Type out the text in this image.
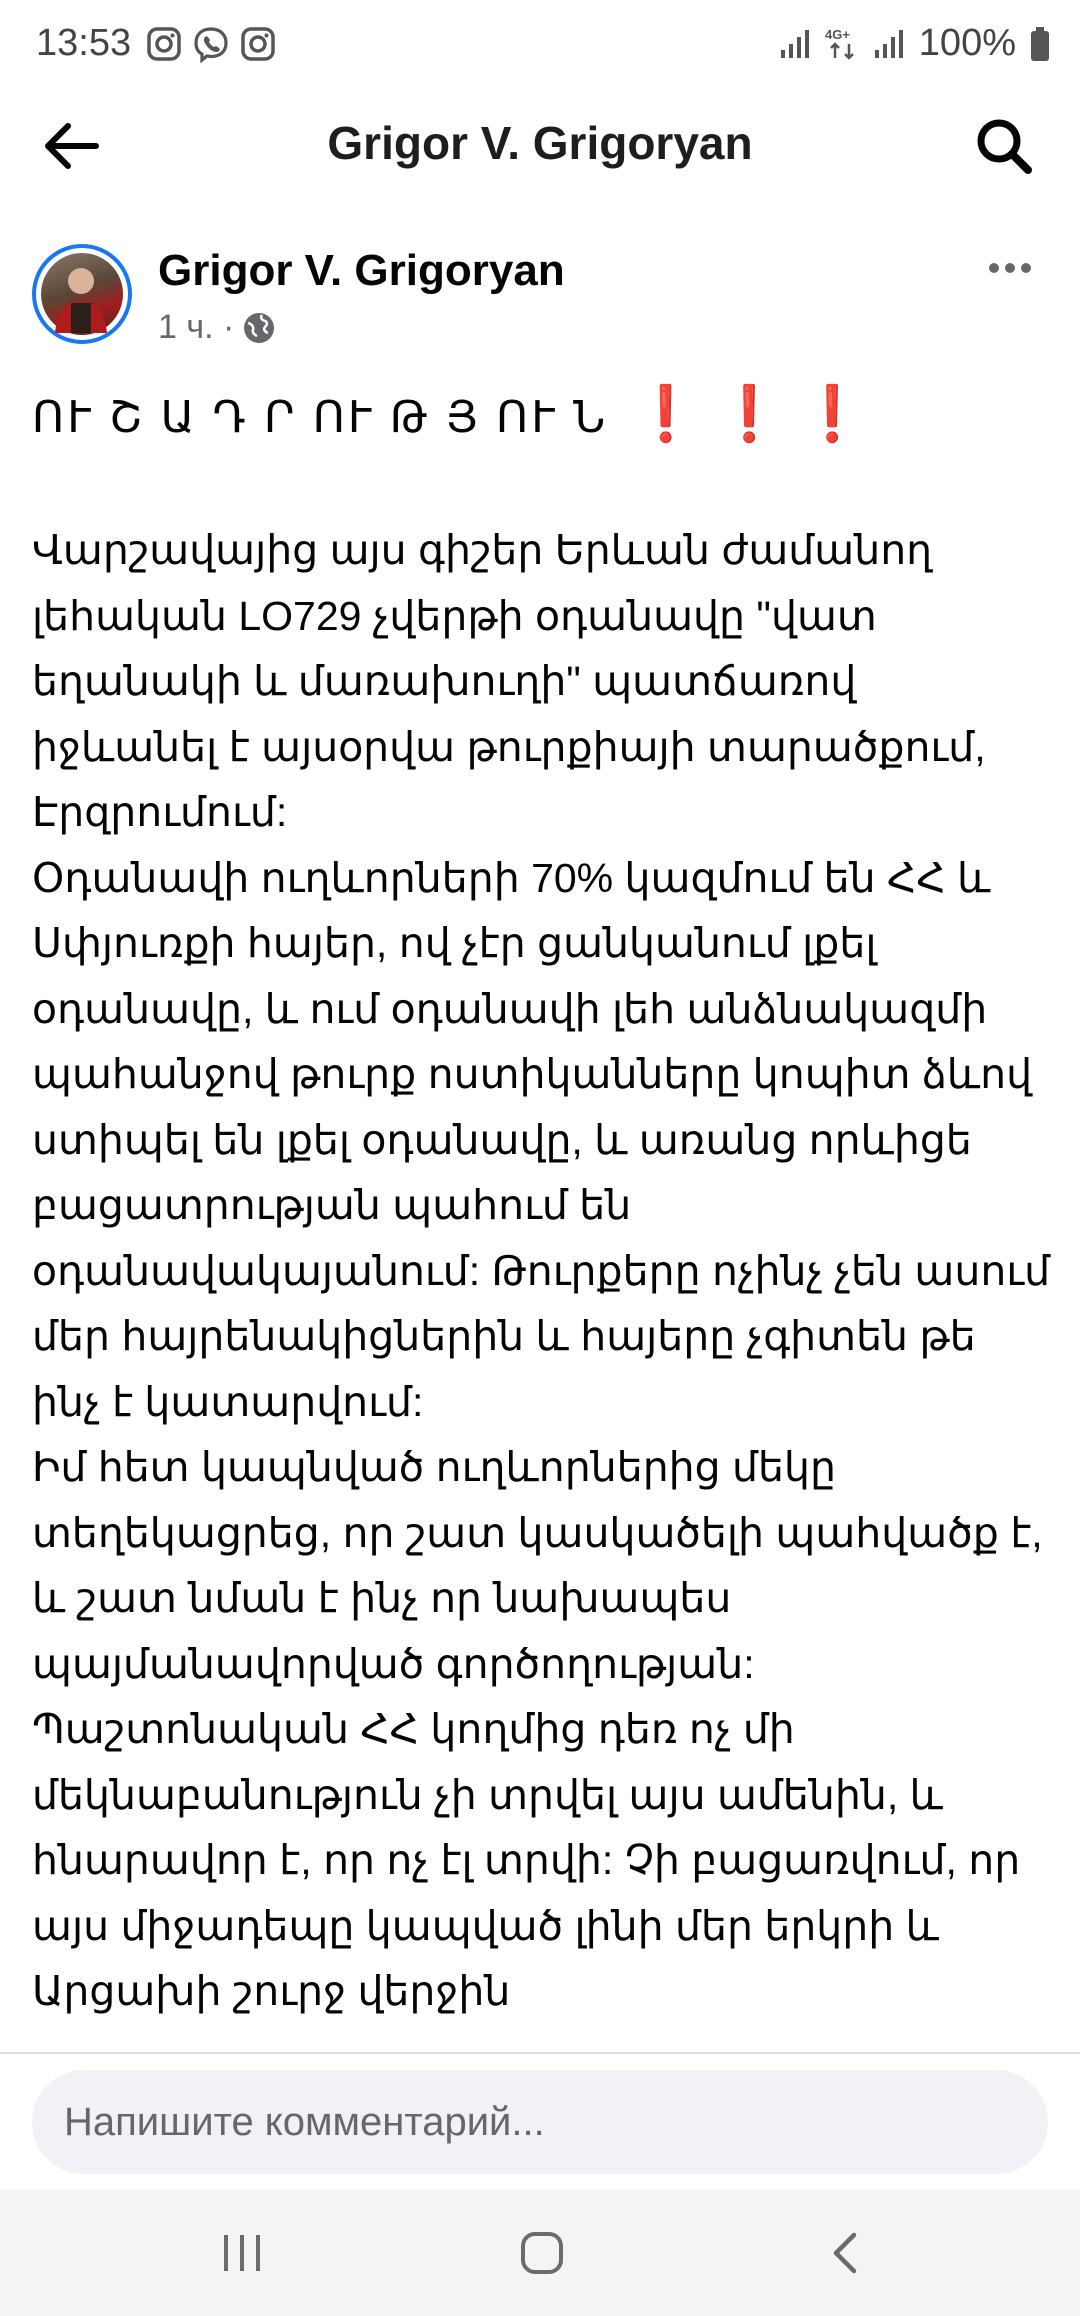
13:53	4G+ 100%
Grigor V. Grigoryan
Grigor V. Grigoryan
1 ч. ·
ՈՒ Շ Ա Դ Ր ՈՒ Թ Յ ՈՒ Ն ❗❗❗

Վարշավայից այս գիշեր Երևան ժամանող լեհական LO729 չվերթի օդանավը "վատ եղանակի և մառախուղի" պատճառով իջևանել է այսօրվա թուրքիայի տարածքում, Էրզրումում:
Օդանավի ուղևորների 70% կազմում են ՀՀ և Սփյուռքի հայեր, ով չէր ցանկանում լքել օդանավը, և ում օդանավի լեհ անձնակազմի պահանջով թուրք ոստիկանները կոպիտ ձևով ստիպել են լքել օդանավը, և առանց որևիցե բացատրության պահում են օդանավակայանում: Թուրքերը ոչինչ չեն ասում մեր հայրենակիցներին և հայերը չգիտեն թե ինչ է կատարվում:
Իմ հետ կապնված ուղևորներից մեկը տեղեկացրեց, որ շատ կասկածելի պահվածք է, և շատ նման է ինչ որ նախապես պայմանավորված գործողության:
Պաշտոնական ՀՀ կողմից դեռ ոչ մի մեկնաբանություն չի տրվել այս ամենին, և հնարավոր է, որ ոչ էլ տրվի: Չի բացառվում, որ այս միջադեպը կապված լինի մեր երկրի և Արցախի շուրջ վերջին

Напишите комментарий...
